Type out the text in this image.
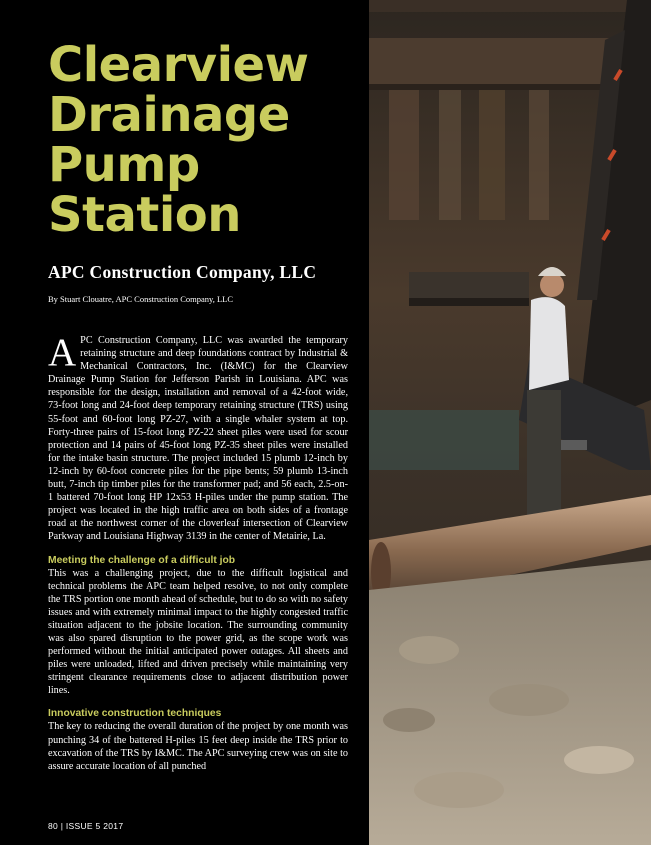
Clearview
Drainage
Pump
Station
APC Construction Company, LLC
By Stuart Clouatre, APC Construction Company, LLC

APC Construction Company, LLC was awarded the temporary retaining structure and deep foundations contract by Industrial & Mechanical Contractors, Inc. (I&MC) for the Clearview Drainage Pump Station for Jefferson Parish in Louisiana. APC was responsible for the design, installation and removal of a 42-foot wide, 73-foot long and 24-foot deep temporary retaining structure (TRS) using 55-foot and 60-foot long PZ-27, with a single whaler system at top. Forty-three pairs of 15-foot long PZ-22 sheet piles were used for scour protection and 14 pairs of 45-foot long PZ-35 sheet piles were installed for the intake basin structure. The project included 15 plumb 12-inch by 12-inch by 60-foot concrete piles for the pipe bents; 59 plumb 13-inch butt, 7-inch tip timber piles for the transformer pad; and 56 each, 2.5-on-1 battered 70-foot long HP 12x53 H-piles under the pump station. The project was located in the high traffic area on both sides of a frontage road at the northwest corner of the cloverleaf intersection of Clearview Parkway and Louisiana Highway 3139 in the center of Metairie, La.

Meeting the challenge of a difficult job

This was a challenging project, due to the difficult logistical and technical problems the APC team helped resolve, to not only complete the TRS portion one month ahead of schedule, but to do so with no safety issues and with extremely minimal impact to the highly congested traffic situation adjacent to the jobsite location. The surrounding community was also spared disruption to the power grid, as the scope work was performed without the initial anticipated power outages. All sheets and piles were unloaded, lifted and driven precisely while maintaining very stringent clearance requirements close to adjacent distribution power lines.

Innovative construction techniques

The key to reducing the overall duration of the project by one month was punching 34 of the battered H-piles 15 feet deep inside the TRS prior to excavation of the TRS by I&MC. The APC surveying crew was on site to assure accurate location of all punched

80 | ISSUE 5 2017
